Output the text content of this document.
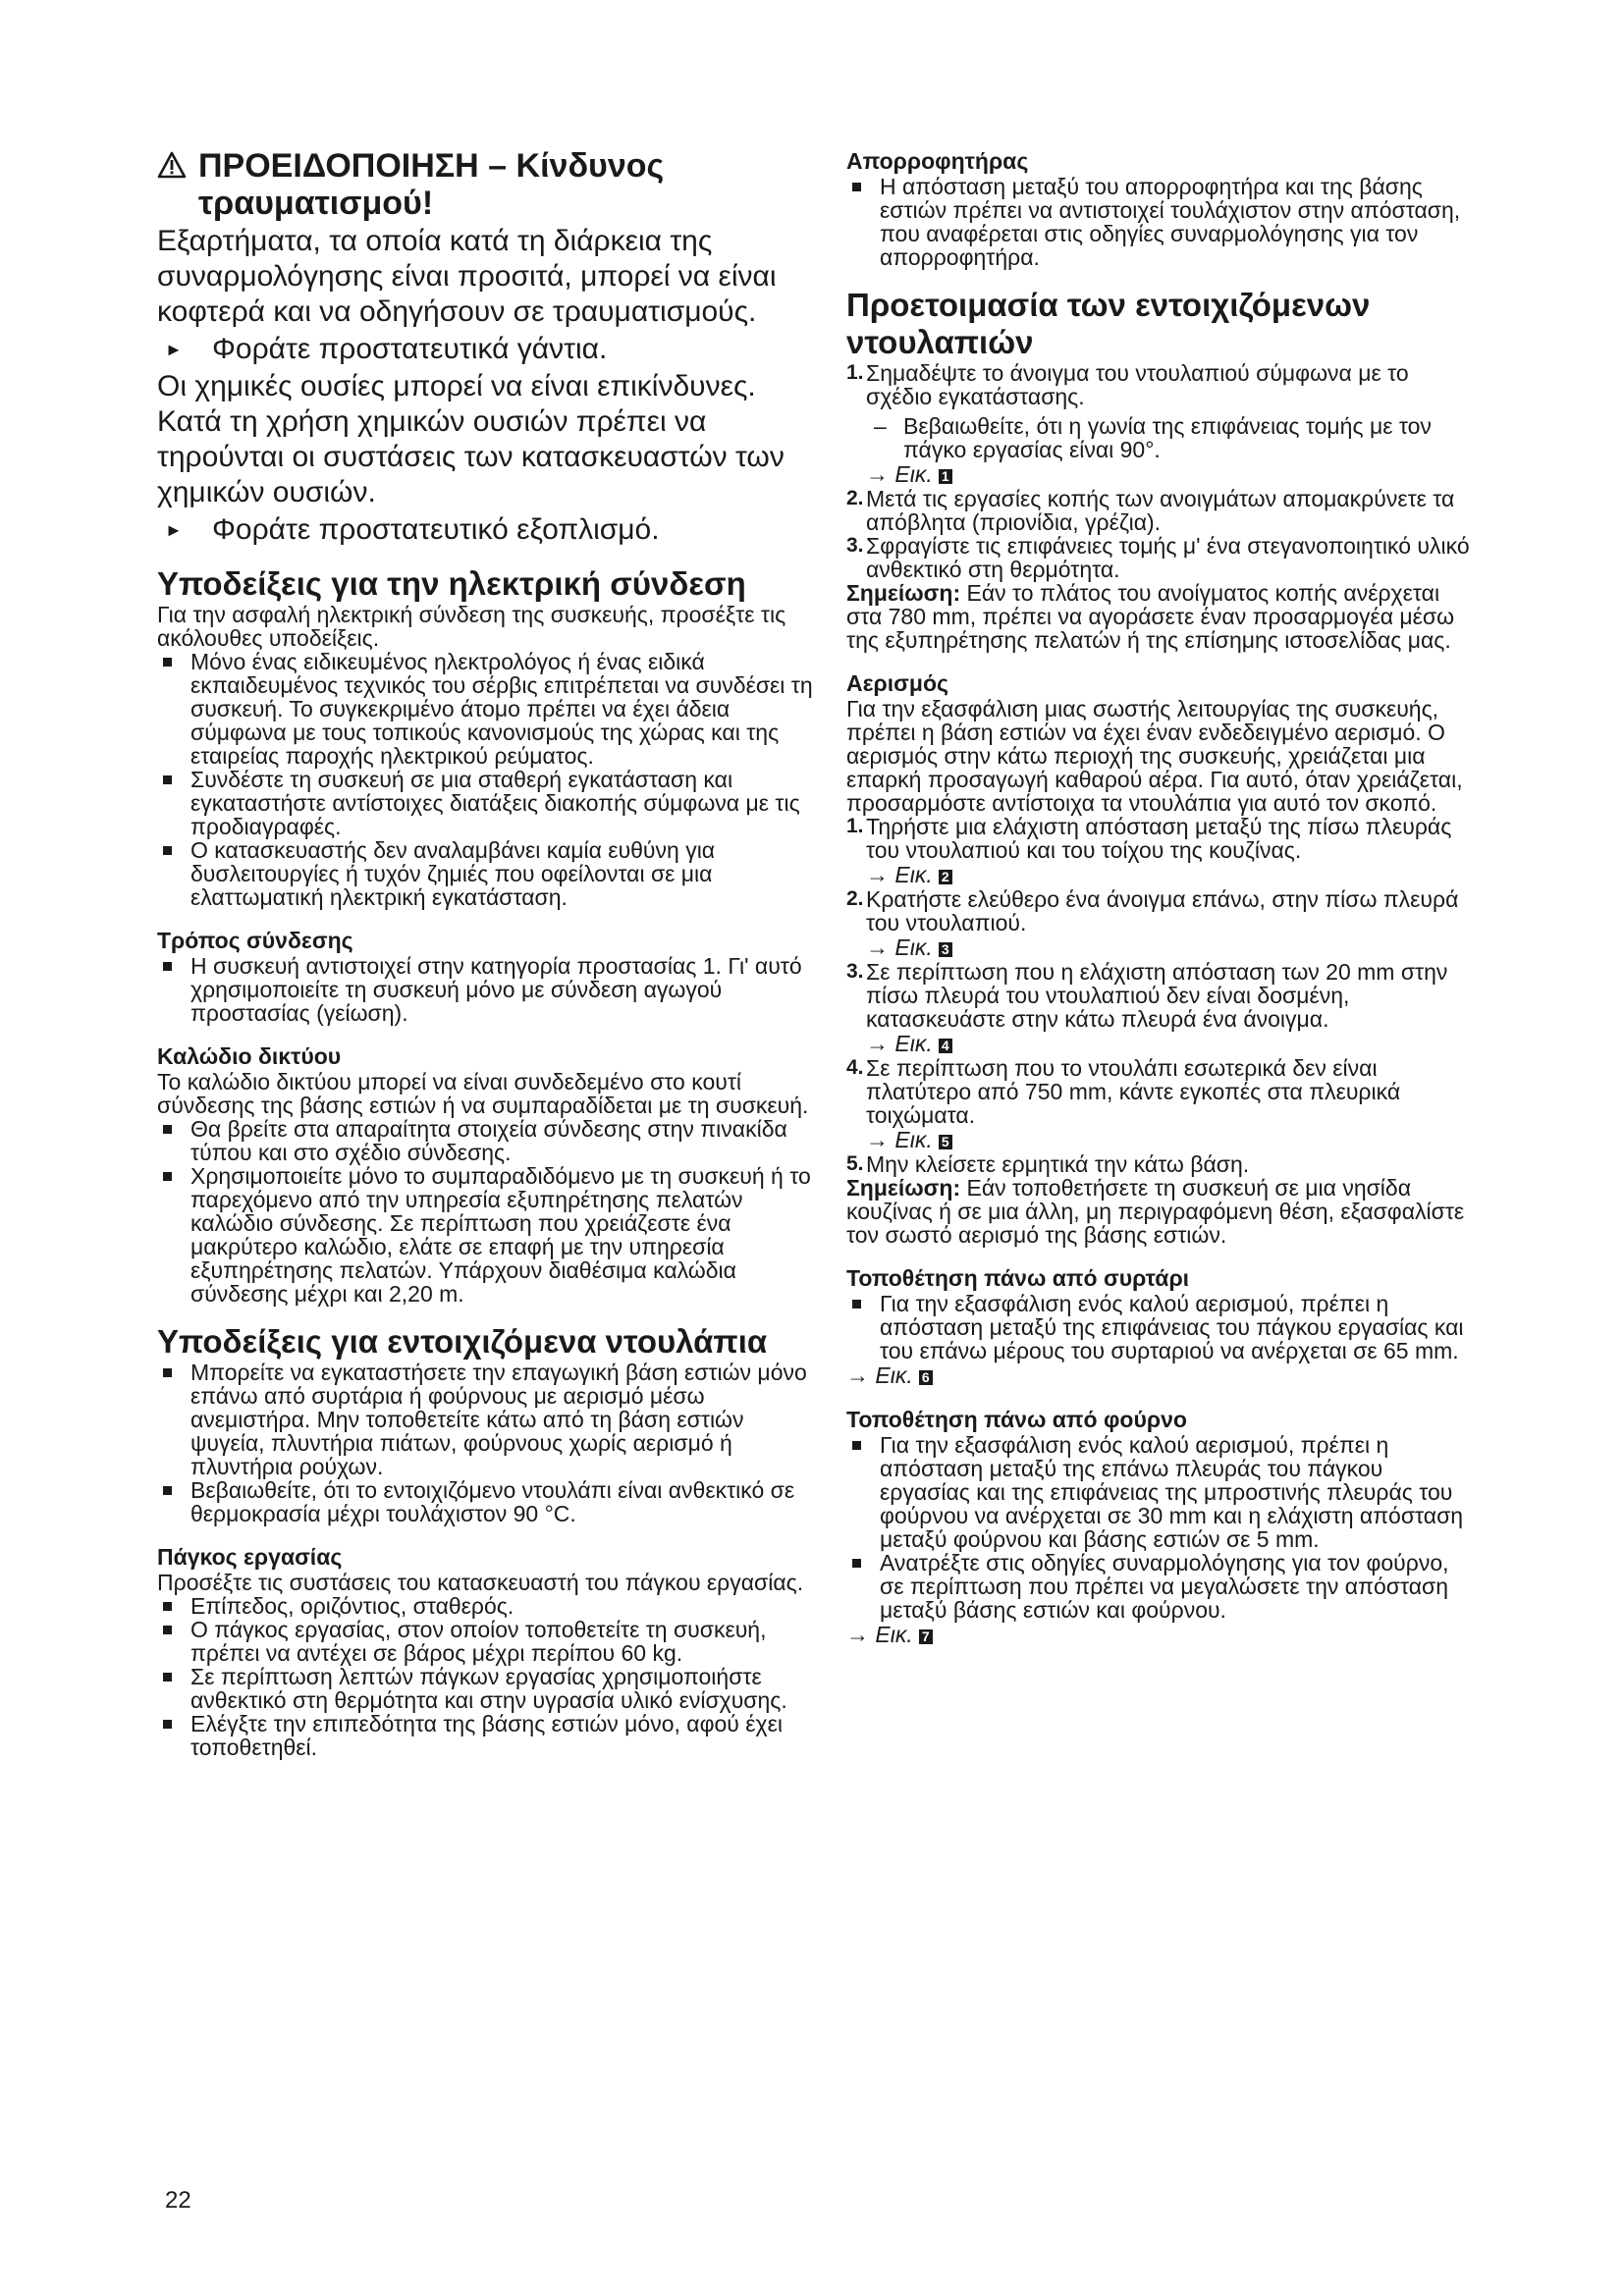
ΠΡΟΕΙΔΟΠΟΙΗΣΗ – Κίνδυνος τραυματισμού!

Εξαρτήματα, τα οποία κατά τη διάρκεια της συναρμολόγησης είναι προσιτά, μπορεί να είναι κοφτερά και να οδηγήσουν σε τραυματισμούς.

►	Φοράτε προστατευτικά γάντια.

Οι χημικές ουσίες μπορεί να είναι επικίνδυνες. Κατά τη χρήση χημικών ουσιών πρέπει να τηρούνται οι συστάσεις των κατασκευαστών των χημικών ουσιών.

►	Φοράτε προστατευτικό εξοπλισμό.
Υποδείξεις για την ηλεκτρική σύνδεση

Για την ασφαλή ηλεκτρική σύνδεση της συσκευής, προσέξτε τις ακόλουθες υποδείξεις.

Μόνο ένας ειδικευμένος ηλεκτρολόγος ή ένας ειδικά εκπαιδευμένος τεχνικός του σέρβις επιτρέπεται να συνδέσει τη συσκευή. Το συγκεκριμένο άτομο πρέπει να έχει άδεια σύμφωνα με τους τοπικούς κανονισμούς της χώρας και της εταιρείας παροχής ηλεκτρικού ρεύματος.
Συνδέστε τη συσκευή σε μια σταθερή εγκατάσταση και εγκαταστήστε αντίστοιχες διατάξεις διακοπής σύμφωνα με τις προδιαγραφές.
Ο κατασκευαστής δεν αναλαμβάνει καμία ευθύνη για δυσλειτουργίες ή τυχόν ζημιές που οφείλονται σε μια ελαττωματική ηλεκτρική εγκατάσταση.
Τρόπος σύνδεσης
Η συσκευή αντιστοιχεί στην κατηγορία προστασίας 1. Γι' αυτό χρησιμοποιείτε τη συσκευή μόνο με σύνδεση αγωγού προστασίας (γείωση).
Καλώδιο δικτύου

Το καλώδιο δικτύου μπορεί να είναι συνδεδεμένο στο κουτί σύνδεσης της βάσης εστιών ή να συμπαραδίδεται με τη συσκευή.

Θα βρείτε στα απαραίτητα στοιχεία σύνδεσης στην πινακίδα τύπου και στο σχέδιο σύνδεσης.
Χρησιμοποιείτε μόνο το συμπαραδιδόμενο με τη συσκευή ή το παρεχόμενο από την υπηρεσία εξυπηρέτησης πελατών καλώδιο σύνδεσης. Σε περίπτωση που χρειάζεστε ένα μακρύτερο καλώδιο, ελάτε σε επαφή με την υπηρεσία εξυπηρέτησης πελατών. Υπάρχουν διαθέσιμα καλώδια σύνδεσης μέχρι και 2,20 m.
Υποδείξεις για εντοιχιζόμενα ντουλάπια
Μπορείτε να εγκαταστήσετε την επαγωγική βάση εστιών μόνο επάνω από συρτάρια ή φούρνους με αερισμό μέσω ανεμιστήρα. Μην τοποθετείτε κάτω από τη βάση εστιών ψυγεία, πλυντήρια πιάτων, φούρνους χωρίς αερισμό ή πλυντήρια ρούχων.
Βεβαιωθείτε, ότι το εντοιχιζόμενο ντουλάπι είναι ανθεκτικό σε θερμοκρασία μέχρι τουλάχιστον 90 °C.
Πάγκος εργασίας

Προσέξτε τις συστάσεις του κατασκευαστή του πάγκου εργασίας.

Επίπεδος, οριζόντιος, σταθερός.
Ο πάγκος εργασίας, στον οποίον τοποθετείτε τη συσκευή, πρέπει να αντέχει σε βάρος μέχρι περίπου 60 kg.
Σε περίπτωση λεπτών πάγκων εργασίας χρησιμοποιήστε ανθεκτικό στη θερμότητα και στην υγρασία υλικό ενίσχυσης.
Ελέγξτε την επιπεδότητα της βάσης εστιών μόνο, αφού έχει τοποθετηθεί.
Απορροφητήρας
Η απόσταση μεταξύ του απορροφητήρα και της βάσης εστιών πρέπει να αντιστοιχεί τουλάχιστον στην απόσταση, που αναφέρεται στις οδηγίες συναρμολόγησης για τον απορροφητήρα.
Προετοιμασία των εντοιχιζόμενων ντουλαπιών
1. Σημαδέψτε το άνοιγμα του ντουλαπιού σύμφωνα με το σχέδιο εγκατάστασης.
– Βεβαιωθείτε, ότι η γωνία της επιφάνειας τομής με τον πάγκο εργασίας είναι 90°.
→ Εικ. 1
2. Μετά τις εργασίες κοπής των ανοιγμάτων απομακρύνετε τα απόβλητα (πριονίδια, γρέζια).
3. Σφραγίστε τις επιφάνειες τομής μ' ένα στεγανοποιητικό υλικό ανθεκτικό στη θερμότητα.

Σημείωση: Εάν το πλάτος του ανοίγματος κοπής ανέρχεται στα 780 mm, πρέπει να αγοράσετε έναν προσαρμογέα μέσω της εξυπηρέτησης πελατών ή της επίσημης ιστοσελίδας μας.

Αερισμός

Για την εξασφάλιση μιας σωστής λειτουργίας της συσκευής, πρέπει η βάση εστιών να έχει έναν ενδεδειγμένο αερισμό. Ο αερισμός στην κάτω περιοχή της συσκευής, χρειάζεται μια επαρκή προσαγωγή καθαρού αέρα. Για αυτό, όταν χρειάζεται, προσαρμόστε αντίστοιχα τα ντουλάπια για αυτό τον σκοπό.

1. Τηρήστε μια ελάχιστη απόσταση μεταξύ της πίσω πλευράς του ντουλαπιού και του τοίχου της κουζίνας.
→ Εικ. 2
2. Κρατήστε ελεύθερο ένα άνοιγμα επάνω, στην πίσω πλευρά του ντουλαπιού.
→ Εικ. 3
3. Σε περίπτωση που η ελάχιστη απόσταση των 20 mm στην πίσω πλευρά του ντουλαπιού δεν είναι δοσμένη, κατασκευάστε στην κάτω πλευρά ένα άνοιγμα.
→ Εικ. 4
4. Σε περίπτωση που το ντουλάπι εσωτερικά δεν είναι πλατύτερο από 750 mm, κάντε εγκοπές στα πλευρικά τοιχώματα.
→ Εικ. 5
5. Μην κλείσετε ερμητικά την κάτω βάση.

Σημείωση: Εάν τοποθετήσετε τη συσκευή σε μια νησίδα κουζίνας ή σε μια άλλη, μη περιγραφόμενη θέση, εξασφαλίστε τον σωστό αερισμό της βάσης εστιών.

Τοποθέτηση πάνω από συρτάρι
Για την εξασφάλιση ενός καλού αερισμού, πρέπει η απόσταση μεταξύ της επιφάνειας του πάγκου εργασίας και του επάνω μέρους του συρταριού να ανέρχεται σε 65 mm.
→ Εικ. 6
Τοποθέτηση πάνω από φούρνο
Για την εξασφάλιση ενός καλού αερισμού, πρέπει η απόσταση μεταξύ της επάνω πλευράς του πάγκου εργασίας και της επιφάνειας της μπροστινής πλευράς του φούρνου να ανέρχεται σε 30 mm και η ελάχιστη απόσταση μεταξύ φούρνου και βάσης εστιών σε 5 mm.
Ανατρέξτε στις οδηγίες συναρμολόγησης για τον φούρνο, σε περίπτωση που πρέπει να μεγαλώσετε την απόσταση μεταξύ βάσης εστιών και φούρνου.
→ Εικ. 7
22
